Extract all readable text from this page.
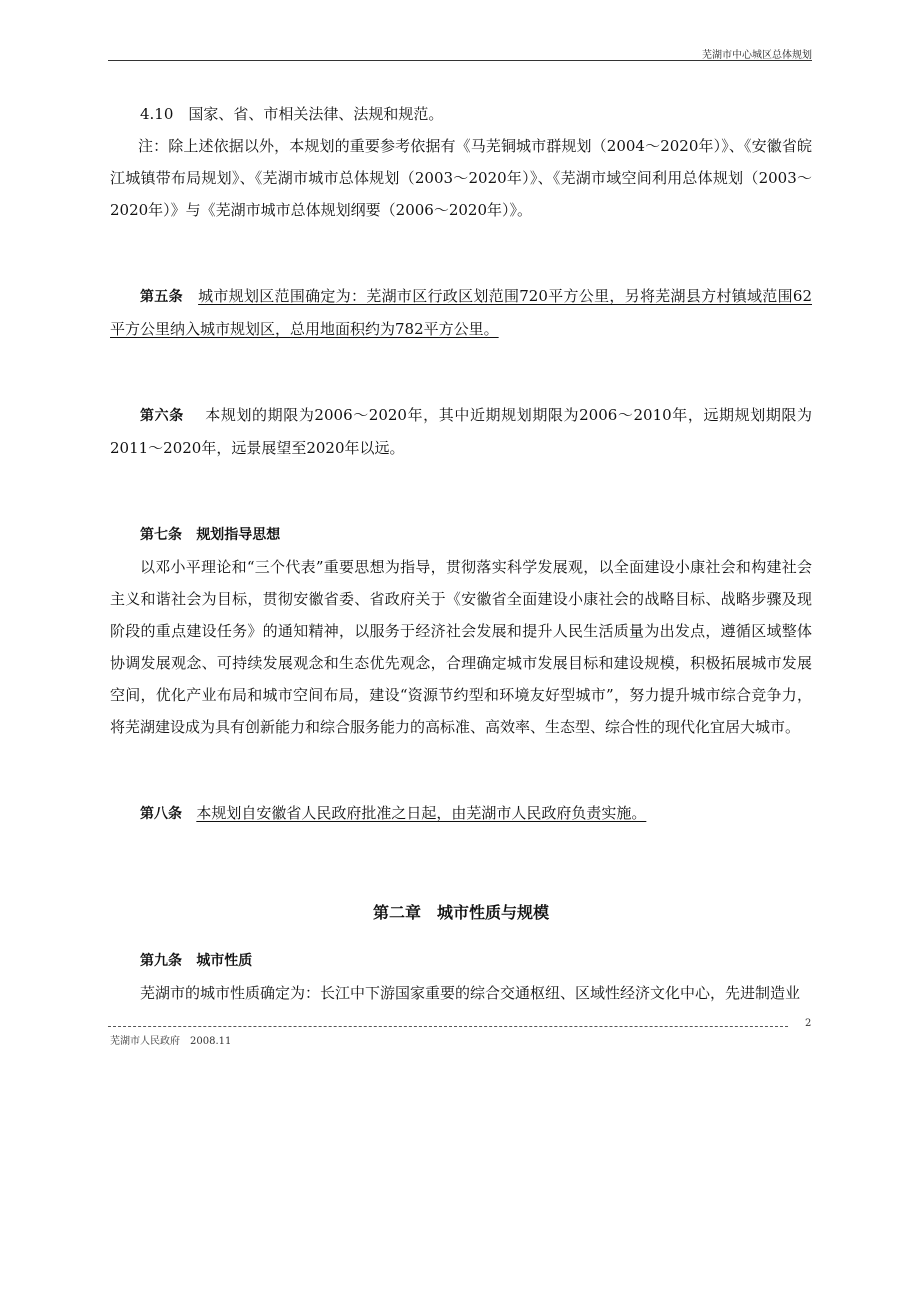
芜湖市中心城区总体规划

4.10　国家、省、市相关法律、法规和规范。

注：除上述依据以外，本规划的重要参考依据有《马芜铜城市群规划（2004～2020年）》、《安徽省皖江城镇带布局规划》、《芜湖市城市总体规划（2003～2020年）》、《芜湖市域空间利用总体规划（2003～2020年）》与《芜湖市城市总体规划纲要（2006～2020年）》。

第五条 城市规划区范围确定为：芜湖市区行政区划范围720平方公里，另将芜湖县方村镇域范围62平方公里纳入城市规划区，总用地面积约为782平方公里。

第六条 本规划的期限为2006～2020年，其中近期规划期限为2006～2010年，远期规划期限为2011～2020年，远景展望至2020年以远。

第七条 规划指导思想

以邓小平理论和“三个代表”重要思想为指导，贯彻落实科学发展观，以全面建设小康社会和构建社会主义和谐社会为目标，贯彻安徽省委、省政府关于《安徽省全面建设小康社会的战略目标、战略步骤及现阶段的重点建设任务》的通知精神，以服务于经济社会发展和提升人民生活质量为出发点，遵循区域整体协调发展观念、可持续发展观念和生态优先观念，合理确定城市发展目标和建设规模，积极拓展城市发展空间，优化产业布局和城市空间布局，建设“资源节约型和环境友好型城市”，努力提升城市综合竞争力，将芜湖建设成为具有创新能力和综合服务能力的高标准、高效率、生态型、综合性的现代化宜居大城市。

第八条 本规划自安徽省人民政府批准之日起，由芜湖市人民政府负责实施。

第二章　城市性质与规模

第九条 城市性质

芜湖市的城市性质确定为：长江中下游国家重要的综合交通枢纽、区域性经济文化中心，先进制造业

2
芜湖市人民政府　2008.11
